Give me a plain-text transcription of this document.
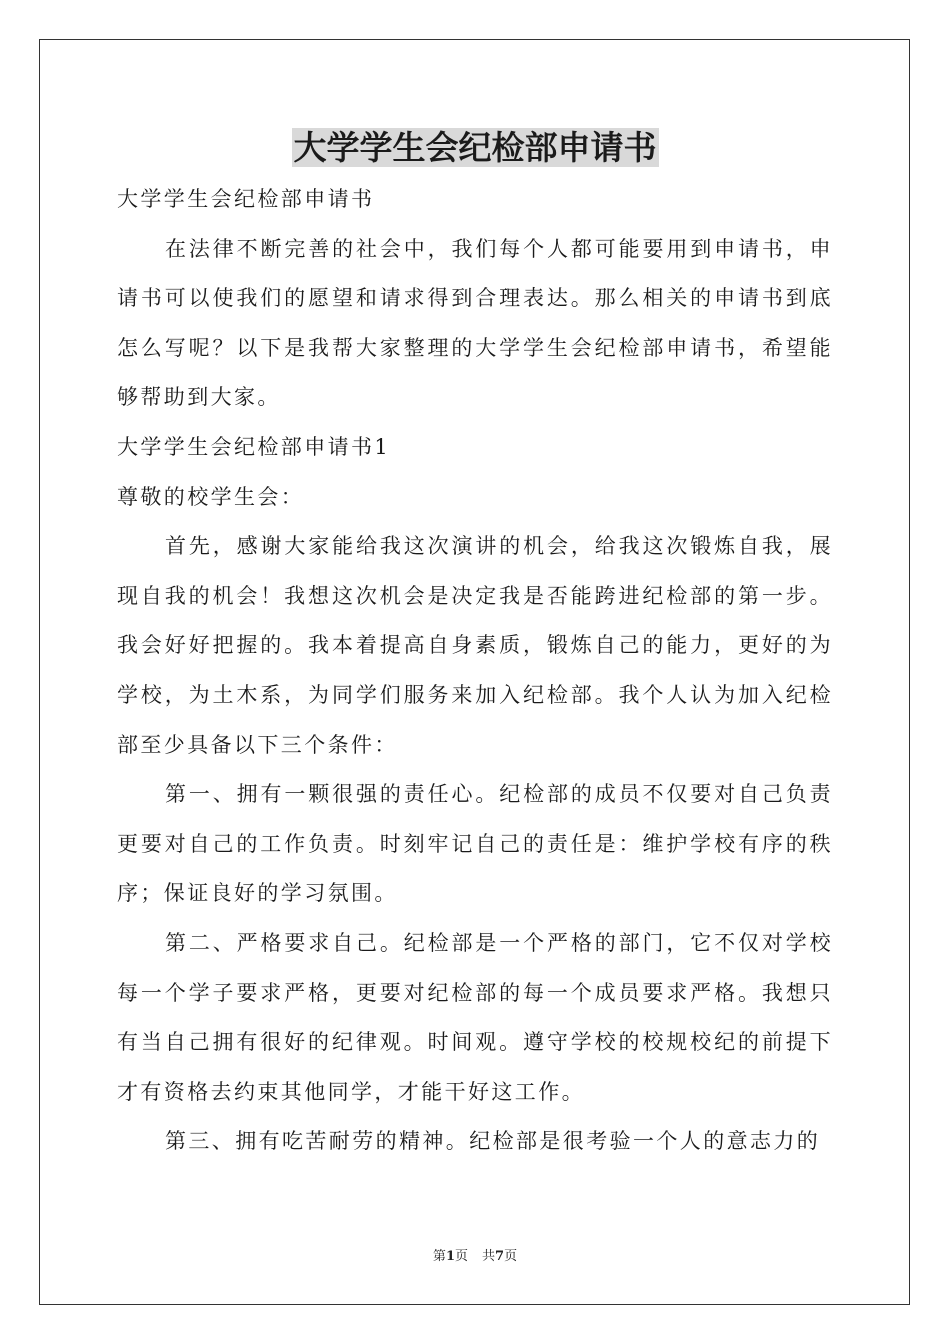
大学学生会纪检部申请书

大学学生会纪检部申请书

在法律不断完善的社会中，我们每个人都可能要用到申请书，申请书可以使我们的愿望和请求得到合理表达。那么相关的申请书到底怎么写呢？以下是我帮大家整理的大学学生会纪检部申请书，希望能够帮助到大家。

大学学生会纪检部申请书1

尊敬的校学生会：

首先，感谢大家能给我这次演讲的机会，给我这次锻炼自我，展现自我的机会！我想这次机会是决定我是否能跨进纪检部的第一步。我会好好把握的。我本着提高自身素质，锻炼自己的能力，更好的为学校，为土木系，为同学们服务来加入纪检部。我个人认为加入纪检部至少具备以下三个条件：

第一、拥有一颗很强的责任心。纪检部的成员不仅要对自己负责更要对自己的工作负责。时刻牢记自己的责任是：维护学校有序的秩序；保证良好的学习氛围。

第二、严格要求自己。纪检部是一个严格的部门，它不仅对学校每一个学子要求严格，更要对纪检部的每一个成员要求严格。我想只有当自己拥有很好的纪律观。时间观。遵守学校的校规校纪的前提下才有资格去约束其他同学，才能干好这工作。

第三、拥有吃苦耐劳的精神。纪检部是很考验一个人的意志力的

第1页 共7页
